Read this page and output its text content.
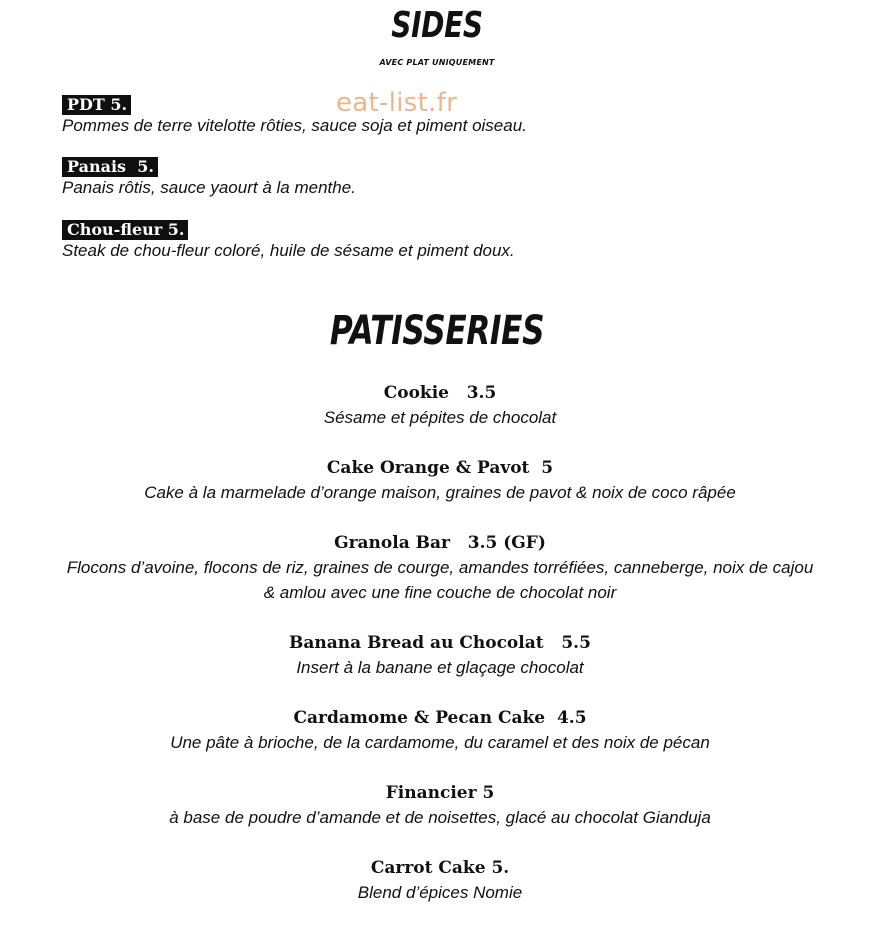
SIDES
AVEC PLAT UNIQUEMENT
eat-list.fr
PDT 5.
Pommes de terre vitelotte rôties, sauce soja et piment oiseau.
Panais  5.
Panais rôtis, sauce yaourt à la menthe.
Chou-fleur 5.
Steak de chou-fleur coloré, huile de sésame et piment doux.
PATISSERIES
Cookie   3.5
Sésame et pépites de chocolat
Cake Orange & Pavot  5
Cake à la marmelade d’orange maison, graines de pavot & noix de coco râpée
Granola Bar   3.5 (GF)
Flocons d’avoine, flocons de riz, graines de courge, amandes torréfiées, canneberge, noix de cajou & amlou avec une fine couche de chocolat noir
Banana Bread au Chocolat   5.5
Insert à la banane et glaçage chocolat
Cardamome & Pecan Cake  4.5
Une pâte à brioche, de la cardamome, du caramel et des noix de pécan
Financier 5
à base de poudre d’amande et de noisettes, glacé au chocolat Gianduja
Carrot Cake 5.
Blend d’épices Nomie
